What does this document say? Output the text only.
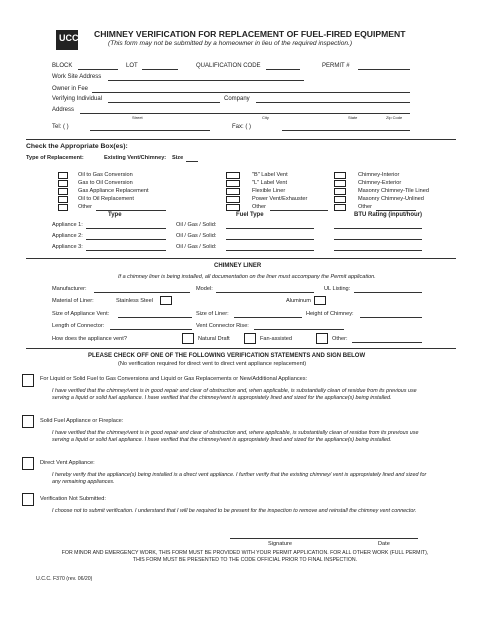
UCC CHIMNEY VERIFICATION FOR REPLACEMENT OF FUEL-FIRED EQUIPMENT
(This form may not be submitted by a homeowner in lieu of the required inspection.)
BLOCK	LOT	QUALIFICATION CODE	PERMIT #
Work Site Address
Owner in Fee
Verifying Individual	Company
Address
Street	City	State	Zip Code
Tel: ( )	Fax: ( )
Check the Appropriate Box(es):
Type of Replacement:	Existing Vent/Chimney: Size
Oil to Gas Conversion
Gas to Oil Conversion
Gas Appliance Replacement
Oil to Oil Replacement
Other
"B" Label Vent
"L" Label Vent
Flexible Liner
Power Vent/Exhauster
Other
Chimney-Interior
Chimney-Exterior
Masonry Chimney-Tile Lined
Masonry Chimney-Unlined
Other
Type	Fuel Type	BTU Rating (input/hour)
Appliance 1:	Oil / Gas / Solid:
Appliance 2:	Oil / Gas / Solid:
Appliance 3:	Oil / Gas / Solid:
CHIMNEY LINER
If a chimney liner is being installed, all documentation on the liner must accompany the Permit application.
Manufacturer:	Model:	UL Listing:
Material of Liner:	Stainless Steel	Aluminum
Size of Appliance Vent:	Size of Liner:	Height of Chimney:
Length of Connector:	Vent Connector Rise:
How does the appliance vent?	Natural Draft	Fan-assisted	Other:
PLEASE CHECK OFF ONE OF THE FOLLOWING VERIFICATION STATEMENTS AND SIGN BELOW
(No verification required for direct vent to direct vent appliance replacement)
For Liquid or Solid Fuel to Gas Conversions and Liquid or Gas Replacements or New/Additional Appliances:
I have verified that the chimney/vent is in good repair and clear of obstruction and, when applicable, is substantially clean of residue from its previous use serving a liquid or solid fuel appliance. I have verified that the chimney/vent is appropriately lined and sized for the appliance(s) being installed.
Solid Fuel Appliance or Fireplace:
I have verified that the chimney/vent is in good repair and clear of obstruction and, where applicable, is substantially clean of residue from its previous use serving a liquid or solid fuel appliance. I have verified that the chimney/vent is appropriately lined and sized for the appliance(s) being installed.
Direct Vent Appliance:
I hereby verify that the appliance(s) being installed is a direct vent appliance. I further verify that the existing chimney/ vent is appropriately lined and sized for any remaining appliances.
Verification Not Submitted:
I choose not to submit verification. I understand that I will be required to be present for the inspection to remove and reinstall the chimney vent connector.
Signature	Date
FOR MINOR AND EMERGENCY WORK, THIS FORM MUST BE PROVIDED WITH YOUR PERMIT APPLICATION. FOR ALL OTHER WORK (FULL PERMIT), THIS FORM MUST BE PRESENTED TO THE CODE OFFICIAL PRIOR TO FINAL INSPECTION.
U.C.C. F370 (rev. 06/20)
